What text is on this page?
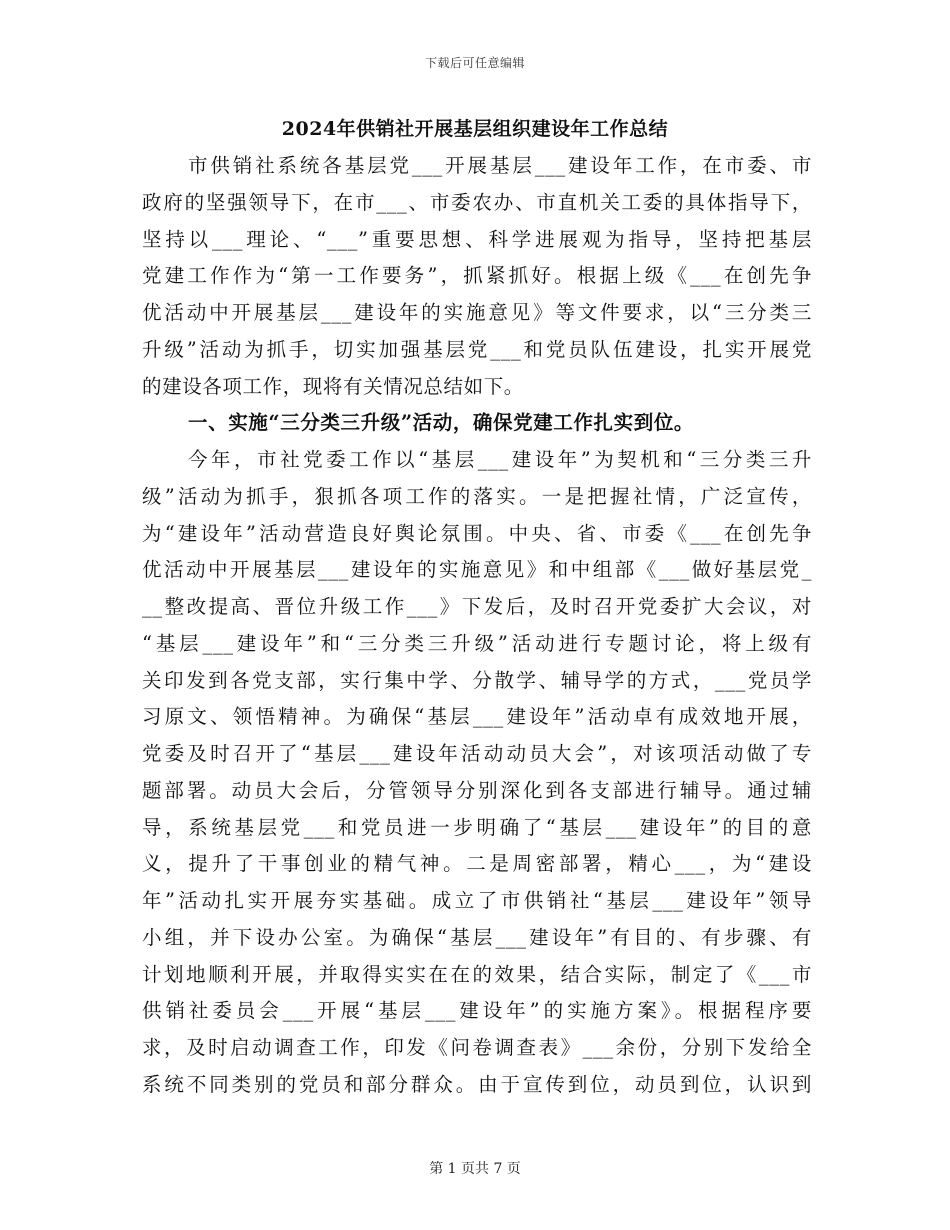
下载后可任意编辑
2024年供销社开展基层组织建设年工作总结
市供销社系统各基层党___开展基层___建设年工作，在市委、市
政府的坚强领导下，在市___、市委农办、市直机关工委的具体指导下，
坚持以___理论、“___”重要思想、科学进展观为指导，坚持把基层
党建工作作为“第一工作要务”，抓紧抓好。根据上级《___在创先争
优活动中开展基层___建设年的实施意见》等文件要求，以“三分类三
升级”活动为抓手，切实加强基层党___和党员队伍建设，扎实开展党
的建设各项工作，现将有关情况总结如下。
一、实施“三分类三升级”活动，确保党建工作扎实到位。
今年，市社党委工作以“基层___建设年”为契机和“三分类三升
级”活动为抓手，狠抓各项工作的落实。一是把握社情，广泛宣传，
为“建设年”活动营造良好舆论氛围。中央、省、市委《___在创先争
优活动中开展基层___建设年的实施意见》和中组部《___做好基层党_
__整改提高、晋位升级工作___》下发后，及时召开党委扩大会议，对
“基层___建设年”和“三分类三升级”活动进行专题讨论，将上级有
关印发到各党支部，实行集中学、分散学、辅导学的方式，___党员学
习原文、领悟精神。为确保“基层___建设年”活动卓有成效地开展，
党委及时召开了“基层___建设年活动动员大会”，对该项活动做了专
题部署。动员大会后，分管领导分别深化到各支部进行辅导。通过辅
导，系统基层党___和党员进一步明确了“基层___建设年”的目的意
义，提升了干事创业的精气神。二是周密部署，精心___，为“建设
年”活动扎实开展夯实基础。成立了市供销社“基层___建设年”领导
小组，并下设办公室。为确保“基层___建设年”有目的、有步骤、有
计划地顺利开展，并取得实实在在的效果，结合实际，制定了《___市
供销社委员会___开展“基层___建设年”的实施方案》。根据程序要
求，及时启动调查工作，印发《问卷调查表》___余份，分别下发给全
系统不同类别的党员和部分群众。由于宣传到位，动员到位，认识到
第 1 页共 7 页
